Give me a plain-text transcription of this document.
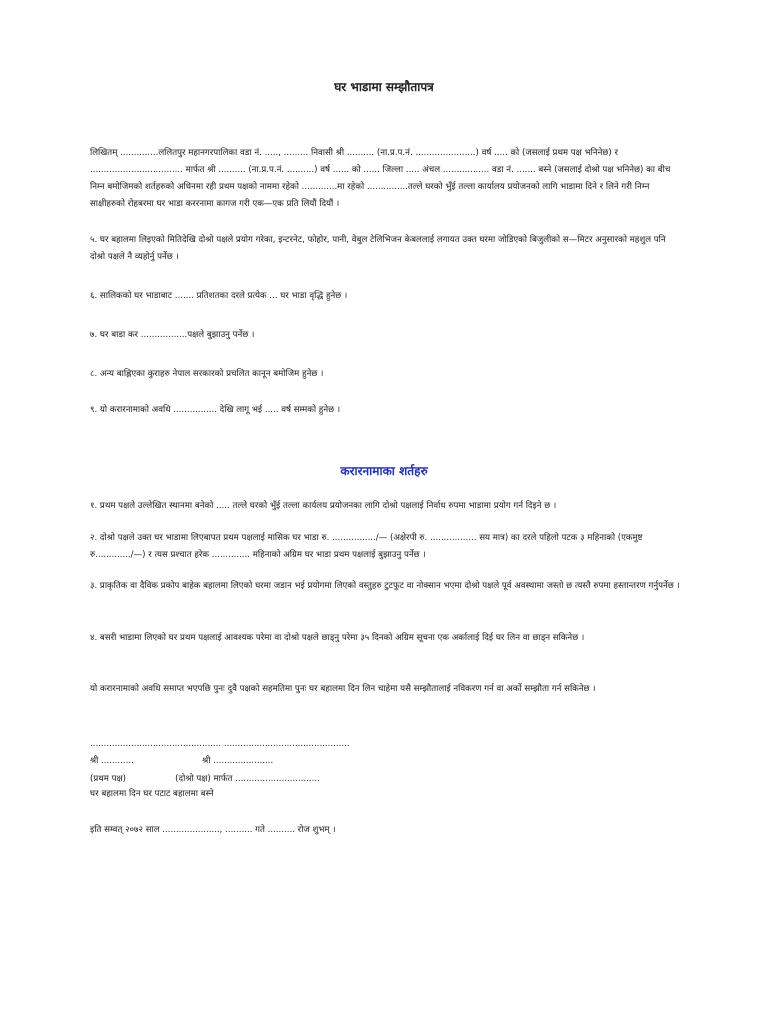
घर भाडामा सम्झौतापत्र
लिखितम् ..............ललितपुर महानगरपालिका वडा नं. ....., ......... निवासी श्री .......... (ना.प्र.प.नं. ......................) वर्ष ..... को (जसलाई प्रथम पक्ष भनिनेछ) र .................................. मार्फत श्री .......... (ना.प्र.प.नं. ..........) वर्ष ...... को ...... जिल्ला ..... अंचल ................. वडा नं. ....... बस्ने (जसलाई दोश्रो पक्ष भनिनेछ) का बीच निम्न बमोजिमको शर्तहरुको अधिनमा रही प्रथम पक्षको नाममा रहेको .............मा रहेको ...............तल्ले घरको भुँई तल्ला कार्यालय प्रयोजनको लागि भाडामा दिने र लिने गरी निम्न साक्षीहरुको रोहबरमा घर भाडा कररनामा कागज गरी एक—एक प्रति लियौं दियौं ।
५. घर बहालमा लिइएको मितिदेखि दोश्रो पक्षले प्रयोग गरेका, इन्टरनेट, फोहोर, पानी, वेबुल टेलिभिजन केबललाई लगायत उक्त घरमा जोडिएको बिजुलीको स—मिटर अनुसारको महशुल पनि दोश्रो पक्षले नै व्यहोर्नु पर्नेछ ।
६. सालिकको घर भाडाबाट ....... प्रतिशतका दरले प्रत्येक ... घर भाडा वृद्धि हुनेछ ।
७. घर बाडा कर .................पक्षले बुझाउनु पर्नेछ ।
८. अन्य बाह्लिएका कुराहरु नेपाल सरकारको प्रचलित कानून बमोजिम हुनेछ ।
९. यो करारनामाको अवधि ................ देखि लागू भई ..... वर्ष सम्मको हुनेछ ।
करारनामाका शर्तहरु
१. प्रथम पक्षले उल्लेखित स्थानमा बनेको ..... तल्ले घरको भुँई तल्ला कार्यलय प्रयोजनका लागि दोश्रो पक्षलाई निर्वाध रुपमा भाडामा प्रयोग गर्न दिइने छ ।
२. दोश्रो पक्षले उक्त घर भाडामा लिएबापत प्रथम पक्षलाई मासिक घर भाडा रु. ................/— (अक्षेरपी रु. ................. सय मात्र) का दरले पहिलो पटक ३ महिनाको (एकमुष्ट रु............./—) र त्यस प्रश्चात हरेक .............. महिनाको अग्रिम घर भाडा प्रथम पक्षलाई बुझाउनु पर्नेछ ।
३. प्राकृतिक वा दैविक प्रकोप बाहेक बहालमा लिएको घरमा जडान भई प्रयोगमा लिएको वस्तुहरु टुटफुट वा नोक्सान भएमा दोश्रो पक्षले पूर्व अवस्थामा जस्तो छ त्यस्तै रुपमा हस्तान्तरण गर्नुपर्नेछ ।
४. बसरी भाडामा लिएको घर प्रथम पक्षलाई आवश्यक परेमा वा दोश्रो पक्षले छाड्नु परेमा ३५ दिनको अग्रिम सूचना एक अर्कालाई दिई घर लिन वा छाड्न सकिनेछ ।
यो करारनामाको अवधि समाप्त भएपछि पुनः दुवै पक्षको सहमतिमा पुनः घर बहालमा दिन लिन चाहेमा यसै सम्झौतालाई नविकरण गर्न वा अर्को सम्झौता गर्न सकिनेछ ।
................................................ ..............................................
श्री ............                         श्री ......................
(प्रथम पक्ष)                  (दोश्रो पक्ष) मार्फत ...............................
घर बहालमा दिन घर पटाट बहालमा बस्ने
इति सम्वत् २०७२ साल ....................., .......... गते .......... रोज शुभम् ।
